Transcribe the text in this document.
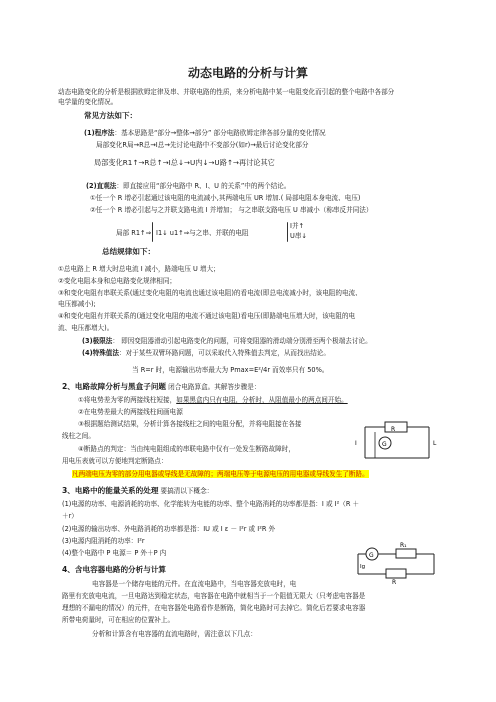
动态电路的分析与计算
动态电路变化的分析是根据欧姆定律及串、并联电路的性质，来分析电路中某一电阻变化而引起的整个电路中各部分
电学量的变化情况。
常见方法如下：
(1)程序法：基本思路是“部分→整体→部分” 部分电路欧姆定律各部分量的变化情况
局部变化R局→R总→I总→先讨论电路中不变部分(如r)→最后讨论变化部分
局部变化R1↑→R总↑→I总↓→U内↓→U路↑→再讨论其它
(2)直观法：即直接应用“部分电路中 R、I、U 的关系”中的两个结论。
①任一个 R 增必引起通过该电阻的电流减小,其两端电压 UR 增加.( 局部电阻本身电流、电压)
②任一个 R 增必引起与之并联支路电流 I 并增加； 与之串联支路电压 U 串减小（称串反并同法）
局部 R1↑⇒ I1↓ u1↑⇒与之串、并联的电阻
I并↑
U串↓
总结规律如下：
①总电路上 R 增大时总电流 I 减小，路端电压 U 增大；
②变化电阻本身和总电路变化规律相同；
③和变化电阻有串联关系(通过变化电阻的电流也通过该电阻)的看电流(即总电流减小时，该电阻的电流、
电压都减小);
④和变化电阻有并联关系的(通过变化电阻的电流不通过该电阻)看电压(即路端电压增大时，该电阻的电
流、电压都增大)。
(3)极限法： 即因变阻器滑动引起电路变化的问题，可将变阻器的滑动端分别滑至两个极端去讨论。
(4)特殊值法：对于某些双臂环路问题，可以采取代入特殊值去判定，从而找出结论。
当 R=r 时，电源输出功率最大为 Pmax=E²/4r 而效率只有 50%。
2、电路故障分析与黑盒子问题 闭合电路算盒。其解答步骤是：
①将电势差为零的两接线柱短接，如果黑盒内只有电阻，分析时，从阻值最小的两点间开始。
②在电势差最大的两接线柱间画电源
③根据题给测试结果，分析计算各接线柱之间的电阻分配，并将电阻接在各接
线柱之间。
④断路点的判定：当由纯电阻组成的串联电路中仅有一处发生断路故障时，
用电压表就可以方便地判定断路点：
凡两端电压为零的部分用电器或导线是无故障的；两端电压等于电源电压的用电器或导线发生了断路。
R
G
I	L
3、电路中的能量关系的处理 要搞清以下概念：
(1)电源的功率、电源消耗的功率、化学能转为电能的功率、整个电路消耗的功率都是指：I 或 I²（R ＋
＋r）
(2)电源的输出功率、外电路消耗的功率都是指：IU 或 I ε － I²r 或 I²R 外
(3)电源内阻消耗的功率：I²r
(4)整个电路中 P 电源＝ P 外＋P 内	G
R₁
R
Ig
4、含电容器电路的分析与计算
电容器是一个储存电能的元件。在直流电路中，当电容器充放电时，电
路里有充放电电流，一旦电路达到稳定状态，电容器在电路中就相当于一个阻值无限大（只考虑电容器是
理想的不漏电的情况）的元件，在电容器处电路看作是断路，简化电路时可去掉它。简化后若要求电容器
所带电荷量时，可在相应的位置补上。
分析和计算含有电容器的直流电路时，需注意以下几点：
